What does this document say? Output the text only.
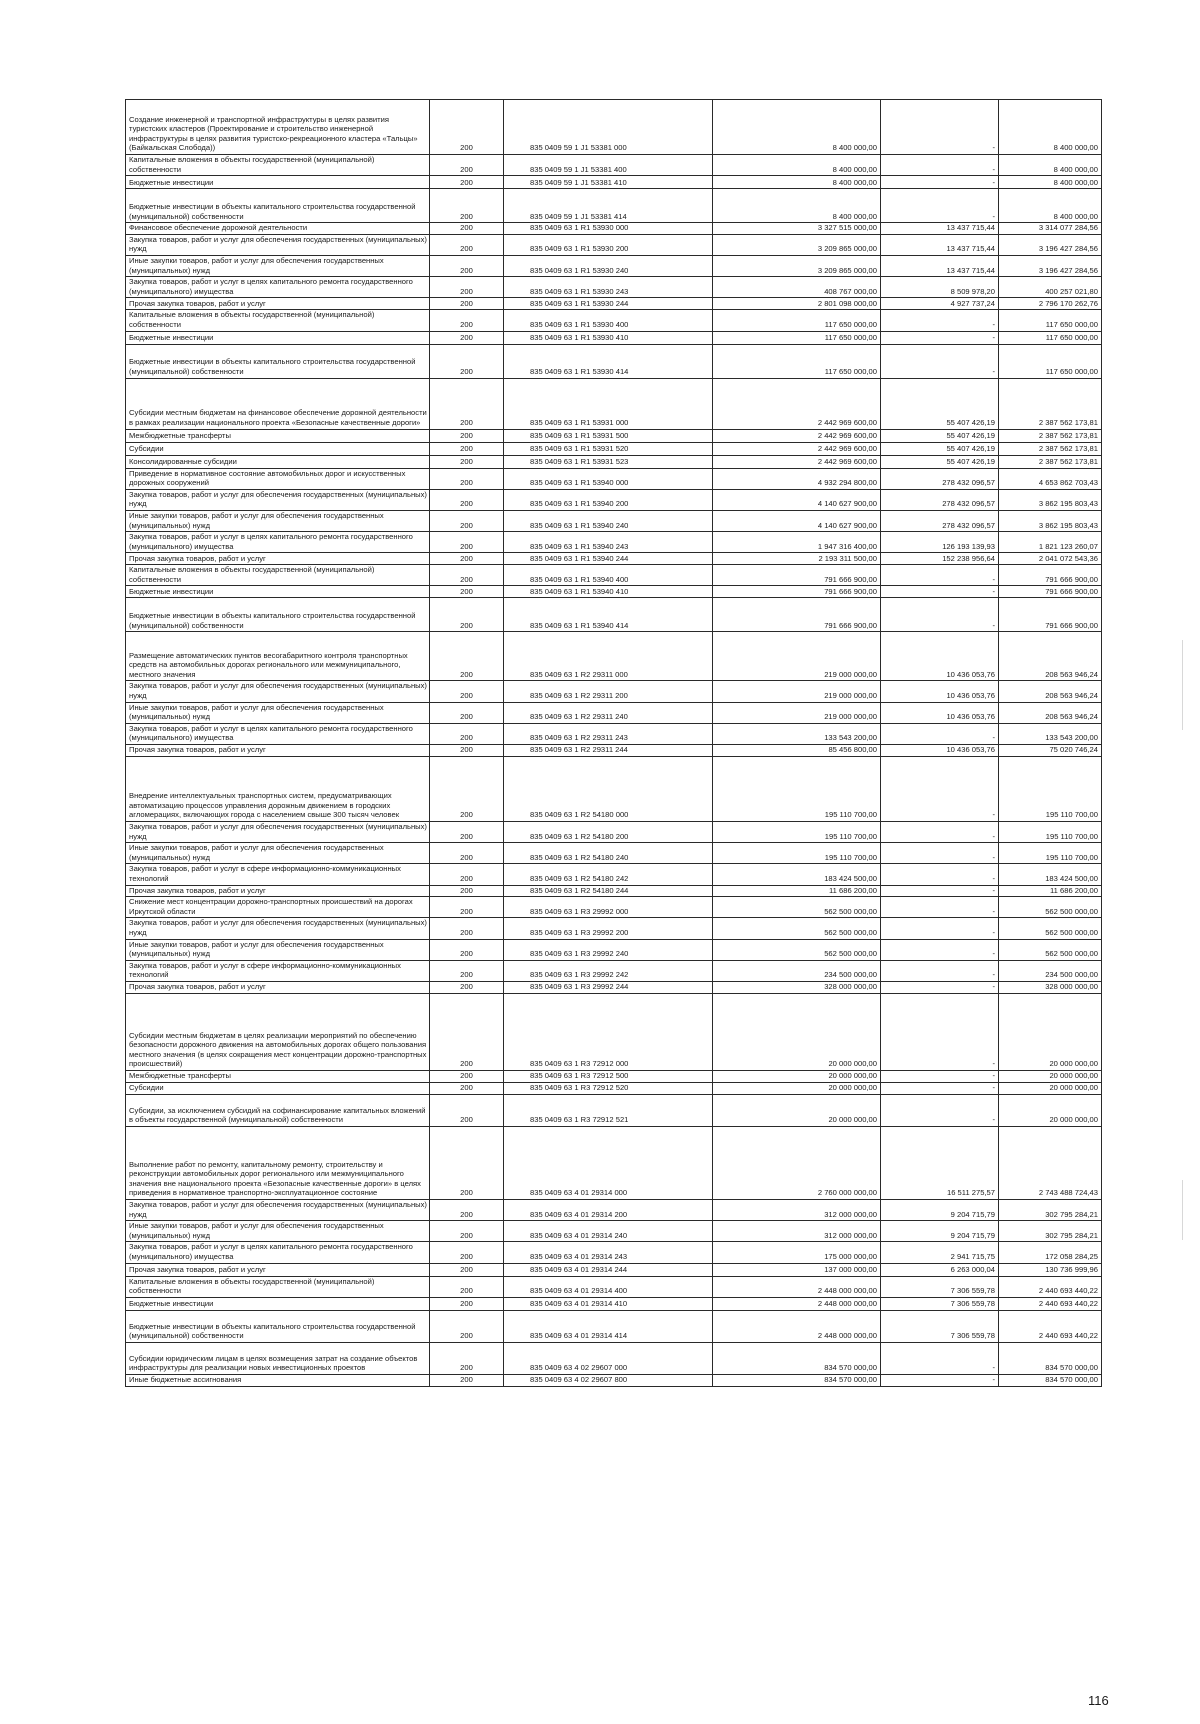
Создание инженерной и транспортной инфраструктуры в целях развития туристских кластеров (Проектирование и строительство инженерной инфраструктуры в целях развития туристско-рекреационного кластера «Тальцы» (Байкальская Слобода))	200	835 0409 59 1 J1 53381 000	8 400 000,00	-	8 400 000,00
Капитальные вложения в объекты государственной (муниципальной) собственности	200	835 0409 59 1 J1 53381 400	8 400 000,00	-	8 400 000,00
Бюджетные инвестиции	200	835 0409 59 1 J1 53381 410	8 400 000,00	-	8 400 000,00
Бюджетные инвестиции в объекты капитального строительства государственной (муниципальной) собственности	200	835 0409 59 1 J1 53381 414	8 400 000,00	-	8 400 000,00
Финансовое обеспечение дорожной деятельности	200	835 0409 63 1 R1 53930 000	3 327 515 000,00	13 437 715,44	3 314 077 284,56
Закупка товаров, работ и услуг для обеспечения государственных (муниципальных) нужд	200	835 0409 63 1 R1 53930 200	3 209 865 000,00	13 437 715,44	3 196 427 284,56
Иные закупки товаров, работ и услуг для обеспечения государственных (муниципальных) нужд	200	835 0409 63 1 R1 53930 240	3 209 865 000,00	13 437 715,44	3 196 427 284,56
Закупка товаров, работ и услуг в целях капитального ремонта государственного (муниципального) имущества	200	835 0409 63 1 R1 53930 243	408 767 000,00	8 509 978,20	400 257 021,80
Прочая закупка товаров, работ и услуг	200	835 0409 63 1 R1 53930 244	2 801 098 000,00	4 927 737,24	2 796 170 262,76
Капитальные вложения в объекты государственной (муниципальной) собственности	200	835 0409 63 1 R1 53930 400	117 650 000,00	-	117 650 000,00
Бюджетные инвестиции	200	835 0409 63 1 R1 53930 410	117 650 000,00	-	117 650 000,00
Бюджетные инвестиции в объекты капитального строительства государственной (муниципальной) собственности	200	835 0409 63 1 R1 53930 414	117 650 000,00	-	117 650 000,00
Субсидии местным бюджетам на финансовое обеспечение дорожной деятельности в рамках реализации национального проекта «Безопасные качественные дороги»	200	835 0409 63 1 R1 53931 000	2 442 969 600,00	55 407 426,19	2 387 562 173,81
Межбюджетные трансферты	200	835 0409 63 1 R1 53931 500	2 442 969 600,00	55 407 426,19	2 387 562 173,81
Субсидии	200	835 0409 63 1 R1 53931 520	2 442 969 600,00	55 407 426,19	2 387 562 173,81
Консолидированные субсидии	200	835 0409 63 1 R1 53931 523	2 442 969 600,00	55 407 426,19	2 387 562 173,81
Приведение в нормативное состояние автомобильных дорог и искусственных дорожных сооружений	200	835 0409 63 1 R1 53940 000	4 932 294 800,00	278 432 096,57	4 653 862 703,43
Закупка товаров, работ и услуг для обеспечения государственных (муниципальных) нужд	200	835 0409 63 1 R1 53940 200	4 140 627 900,00	278 432 096,57	3 862 195 803,43
Иные закупки товаров, работ и услуг для обеспечения государственных (муниципальных) нужд	200	835 0409 63 1 R1 53940 240	4 140 627 900,00	278 432 096,57	3 862 195 803,43
Закупка товаров, работ и услуг в целях капитального ремонта государственного (муниципального) имущества	200	835 0409 63 1 R1 53940 243	1 947 316 400,00	126 193 139,93	1 821 123 260,07
Прочая закупка товаров, работ и услуг	200	835 0409 63 1 R1 53940 244	2 193 311 500,00	152 238 956,64	2 041 072 543,36
Капитальные вложения в объекты государственной (муниципальной) собственности	200	835 0409 63 1 R1 53940 400	791 666 900,00	-	791 666 900,00
Бюджетные инвестиции	200	835 0409 63 1 R1 53940 410	791 666 900,00	-	791 666 900,00
Бюджетные инвестиции в объекты капитального строительства государственной (муниципальной) собственности	200	835 0409 63 1 R1 53940 414	791 666 900,00	-	791 666 900,00
Размещение автоматических пунктов весогабаритного контроля транспортных средств на автомобильных дорогах регионального или межмуниципального, местного значения	200	835 0409 63 1 R2 29311 000	219 000 000,00	10 436 053,76	208 563 946,24
Закупка товаров, работ и услуг для обеспечения государственных (муниципальных) нужд	200	835 0409 63 1 R2 29311 200	219 000 000,00	10 436 053,76	208 563 946,24
Иные закупки товаров, работ и услуг для обеспечения государственных (муниципальных) нужд	200	835 0409 63 1 R2 29311 240	219 000 000,00	10 436 053,76	208 563 946,24
Закупка товаров, работ и услуг в целях капитального ремонта государственного (муниципального) имущества	200	835 0409 63 1 R2 29311 243	133 543 200,00	-	133 543 200,00
Прочая закупка товаров, работ и услуг	200	835 0409 63 1 R2 29311 244	85 456 800,00	10 436 053,76	75 020 746,24
Внедрение интеллектуальных транспортных систем, предусматривающих автоматизацию процессов управления дорожным движением в городских агломерациях, включающих города с населением свыше 300 тысяч человек	200	835 0409 63 1 R2 54180 000	195 110 700,00	-	195 110 700,00
Закупка товаров, работ и услуг для обеспечения государственных (муниципальных) нужд	200	835 0409 63 1 R2 54180 200	195 110 700,00	-	195 110 700,00
Иные закупки товаров, работ и услуг для обеспечения государственных (муниципальных) нужд	200	835 0409 63 1 R2 54180 240	195 110 700,00	-	195 110 700,00
Закупка товаров, работ и услуг в сфере информационно-коммуникационных технологий	200	835 0409 63 1 R2 54180 242	183 424 500,00	-	183 424 500,00
Прочая закупка товаров, работ и услуг	200	835 0409 63 1 R2 54180 244	11 686 200,00	-	11 686 200,00
Снижение мест концентрации дорожно-транспортных происшествий на дорогах Иркутской области	200	835 0409 63 1 R3 29992 000	562 500 000,00	-	562 500 000,00
Закупка товаров, работ и услуг для обеспечения государственных (муниципальных) нужд	200	835 0409 63 1 R3 29992 200	562 500 000,00	-	562 500 000,00
Иные закупки товаров, работ и услуг для обеспечения государственных (муниципальных) нужд	200	835 0409 63 1 R3 29992 240	562 500 000,00	-	562 500 000,00
Закупка товаров, работ и услуг в сфере информационно-коммуникационных технологий	200	835 0409 63 1 R3 29992 242	234 500 000,00	-	234 500 000,00
Прочая закупка товаров, работ и услуг	200	835 0409 63 1 R3 29992 244	328 000 000,00	-	328 000 000,00
Субсидии местным бюджетам в целях реализации мероприятий по обеспечению безопасности дорожного движения на автомобильных дорогах общего пользования местного значения (в целях сокращения мест концентрации дорожно-транспортных происшествий)	200	835 0409 63 1 R3 72912 000	20 000 000,00	-	20 000 000,00
Межбюджетные трансферты	200	835 0409 63 1 R3 72912 500	20 000 000,00	-	20 000 000,00
Субсидии	200	835 0409 63 1 R3 72912 520	20 000 000,00	-	20 000 000,00
Субсидии, за исключением субсидий на софинансирование капитальных вложений в объекты государственной (муниципальной) собственности	200	835 0409 63 1 R3 72912 521	20 000 000,00	-	20 000 000,00
Выполнение работ по ремонту, капитальному ремонту, строительству и реконструкции автомобильных дорог регионального или межмуниципального значения вне национального проекта «Безопасные качественные дороги» в целях приведения в нормативное транспортно-эксплуатационное состояние	200	835 0409 63 4 01 29314 000	2 760 000 000,00	16 511 275,57	2 743 488 724,43
Закупка товаров, работ и услуг для обеспечения государственных (муниципальных) нужд	200	835 0409 63 4 01 29314 200	312 000 000,00	9 204 715,79	302 795 284,21
Иные закупки товаров, работ и услуг для обеспечения государственных (муниципальных) нужд	200	835 0409 63 4 01 29314 240	312 000 000,00	9 204 715,79	302 795 284,21
Закупка товаров, работ и услуг в целях капитального ремонта государственного (муниципального) имущества	200	835 0409 63 4 01 29314 243	175 000 000,00	2 941 715,75	172 058 284,25
Прочая закупка товаров, работ и услуг	200	835 0409 63 4 01 29314 244	137 000 000,00	6 263 000,04	130 736 999,96
Капитальные вложения в объекты государственной (муниципальной) собственности	200	835 0409 63 4 01 29314 400	2 448 000 000,00	7 306 559,78	2 440 693 440,22
Бюджетные инвестиции	200	835 0409 63 4 01 29314 410	2 448 000 000,00	7 306 559,78	2 440 693 440,22
Бюджетные инвестиции в объекты капитального строительства государственной (муниципальной) собственности	200	835 0409 63 4 01 29314 414	2 448 000 000,00	7 306 559,78	2 440 693 440,22
Субсидии юридическим лицам в целях возмещения затрат на создание объектов инфраструктуры для реализации новых инвестиционных проектов	200	835 0409 63 4 02 29607 000	834 570 000,00	-	834 570 000,00
Иные бюджетные ассигнования	200	835 0409 63 4 02 29607 800	834 570 000,00	-	834 570 000,00
116
